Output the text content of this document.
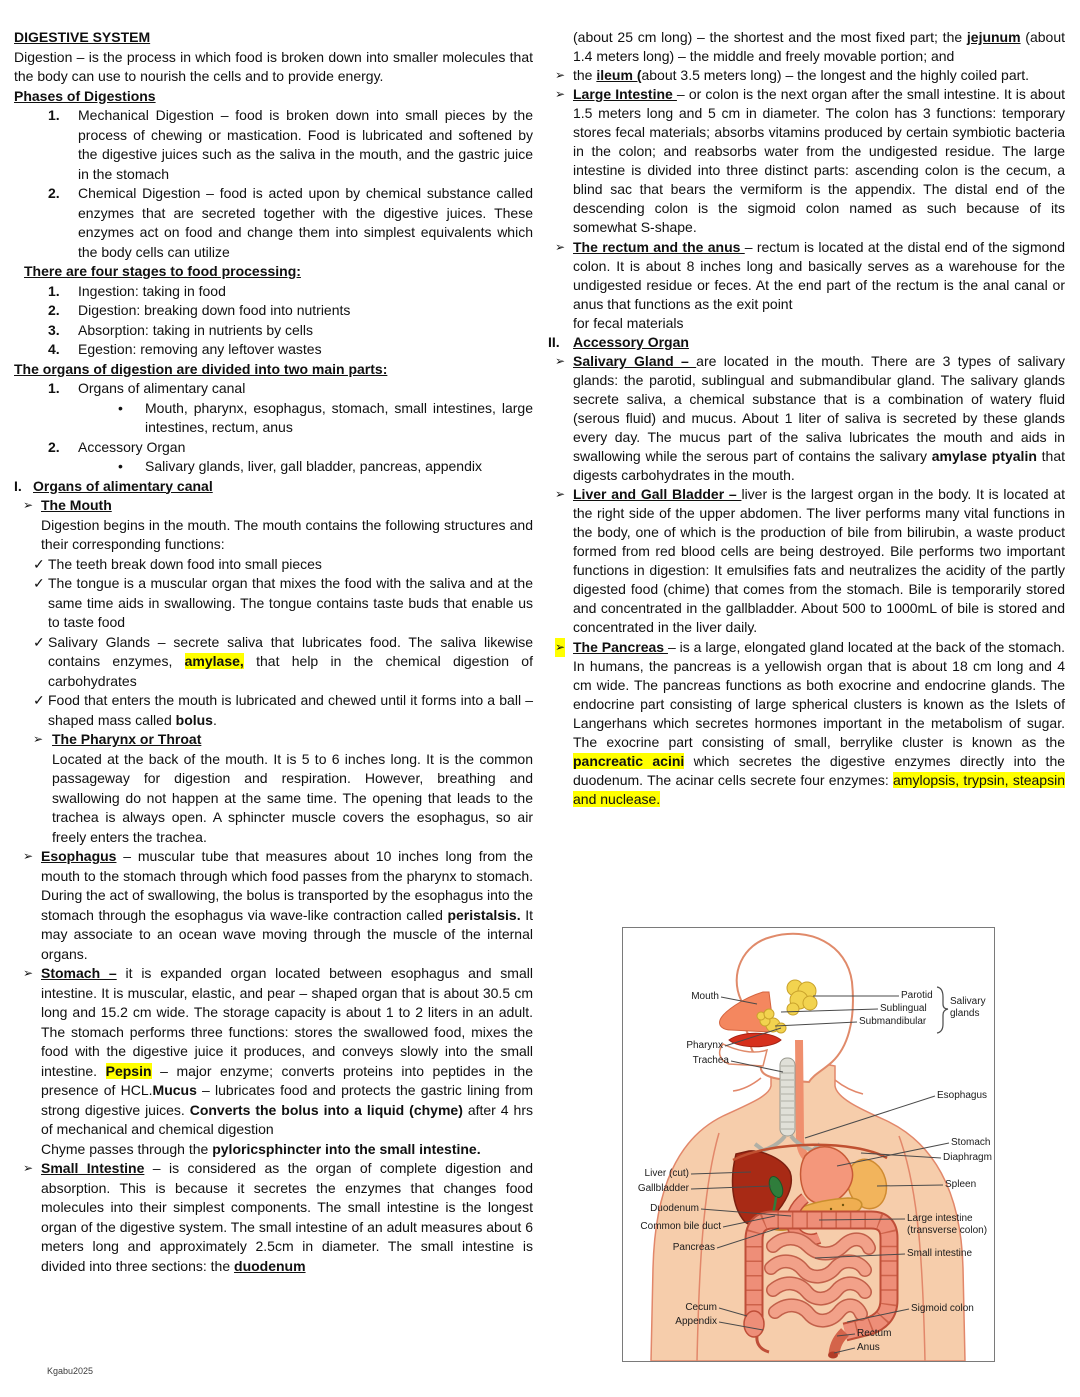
DIGESTIVE SYSTEM
Digestion – is the process in which food is broken down into smaller molecules that the body can use to nourish the cells and to provide energy.
Phases of Digestions
1. Mechanical Digestion – food is broken down into small pieces by the process of chewing or mastication. Food is lubricated and softened by the digestive juices such as the saliva in the mouth, and the gastric juice in the stomach
2. Chemical Digestion – food is acted upon by chemical substance called enzymes that are secreted together with the digestive juices. These enzymes act on food and change them into simplest equivalents which the body cells can utilize
There are four stages to food processing:
1. Ingestion: taking in food
2. Digestion: breaking down food into nutrients
3. Absorption: taking in nutrients by cells
4. Egestion: removing any leftover wastes
The organs of digestion are divided into two main parts:
1. Organs of alimentary canal
• Mouth, pharynx, esophagus, stomach, small intestines, large intestines, rectum, anus
2. Accessory Organ
• Salivary glands, liver, gall bladder, pancreas, appendix
I. Organs of alimentary canal
➢ The Mouth
Digestion begins in the mouth. The mouth contains the following structures and their corresponding functions:
✓ The teeth break down food into small pieces
✓ The tongue is a muscular organ that mixes the food with the saliva and at the same time aids in swallowing. The tongue contains taste buds that enable us to taste food
✓ Salivary Glands – secrete saliva that lubricates food. The saliva likewise contains enzymes, amylase, that help in the chemical digestion of carbohydrates
✓ Food that enters the mouth is lubricated and chewed until it forms into a ball – shaped mass called bolus.
➢ The Pharynx or Throat
Located at the back of the mouth. It is 5 to 6 inches long. It is the common passageway for digestion and respiration. However, breathing and swallowing do not happen at the same time. The opening that leads to the trachea is always open. A sphincter muscle covers the esophagus, so air freely enters the trachea.
➢ Esophagus – muscular tube that measures about 10 inches long from the mouth to the stomach through which food passes from the pharynx to stomach. During the act of swallowing, the bolus is transported by the esophagus into the stomach through the esophagus via wave-like contraction called peristalsis. It may associate to an ocean wave moving through the muscle of the internal organs.
➢ Stomach – it is expanded organ located between esophagus and small intestine. It is muscular, elastic, and pear – shaped organ that is about 30.5 cm long and 15.2 cm wide. The storage capacity is about 1 to 2 liters in an adult. The stomach performs three functions: stores the swallowed food, mixes the food with the digestive juice it produces, and conveys slowly into the small intestine. Pepsin – major enzyme; converts proteins into peptides in the presence of HCL.Mucus – lubricates food and protects the gastric lining from strong digestive juices. Converts the bolus into a liquid (chyme) after 4 hrs of mechanical and chemical digestion
Chyme passes through the pyloricsphincter into the small intestine.
➢ Small Intestine – is considered as the organ of complete digestion and absorption. This is because it secretes the enzymes that changes food molecules into their simplest components. The small intestine is the longest organ of the digestive system. The small intestine of an adult measures about 6 meters long and approximately 2.5cm in diameter. The small intestine is divided into three sections: the duodenum
(about 25 cm long) – the shortest and the most fixed part; the jejunum (about 1.4 meters long) – the middle and freely movable portion; and
➢ the ileum (about 3.5 meters long) – the longest and the highly coiled part.
➢ Large Intestine – or colon is the next organ after the small intestine. It is about 1.5 meters long and 5 cm in diameter. The colon has 3 functions: temporary stores fecal materials; absorbs vitamins produced by certain symbiotic bacteria in the colon; and reabsorbs water from the undigested residue. The large intestine is divided into three distinct parts: ascending colon is the cecum, a blind sac that bears the vermiform is the appendix. The distal end of the descending colon is the sigmoid colon named as such because of its somewhat S-shape.
➢ The rectum and the anus – rectum is located at the distal end of the sigmond colon. It is about 8 inches long and basically serves as a warehouse for the undigested residue or feces. At the end part of the rectum is the anal canal or anus that functions as the exit point
for fecal materials
II. Accessory Organ
➢ Salivary Gland – are located in the mouth. There are 3 types of salivary glands: the parotid, sublingual and submandibular gland. The salivary glands secrete saliva, a chemical substance that is a combination of watery fluid (serous fluid) and mucus. About 1 liter of saliva is secreted by these glands every day. The mucus part of the saliva lubricates the mouth and aids in swallowing while the serous part of contains the salivary amylase ptyalin that digests carbohydrates in the mouth.
➢ Liver and Gall Bladder – liver is the largest organ in the body. It is located at the right side of the upper abdomen. The liver performs many vital functions in the body, one of which is the production of bile from bilirubin, a waste product formed from red blood cells are being destroyed. Bile performs two important functions in digestion: It emulsifies fats and neutralizes the acidity of the partly digested food (chime) that comes from the stomach. Bile is temporarily stored and concentrated in the gallbladder. About 500 to 1000mL of bile is stored and concentrated in the liver daily.
➢ The Pancreas – is a large, elongated gland located at the back of the stomach. In humans, the pancreas is a yellowish organ that is about 18 cm long and 4 cm wide. The pancreas functions as both exocrine and endocrine glands. The endocrine part consisting of large spherical clusters is known as the Islets of Langerhans which secretes hormones important in the metabolism of sugar. The exocrine part consisting of small, berrylike cluster is known as the pancreatic acini which secretes the digestive enzymes directly into the duodenum. The acinar cells secrete four enzymes: amylopsis, trypsin, steapsin and nuclease.
Mouth
Pharynx
Trachea
Liver (cut)
Gallbladder
Duodenum
Common bile duct
Pancreas
Cecum
Appendix
Parotid
Sublingual
Submandibular
Salivary glands
Esophagus
Stomach
Diaphragm
Spleen
Large intestine (transverse colon)
Small intestine
Sigmoid colon
Rectum
Anus
Kgabu2025
